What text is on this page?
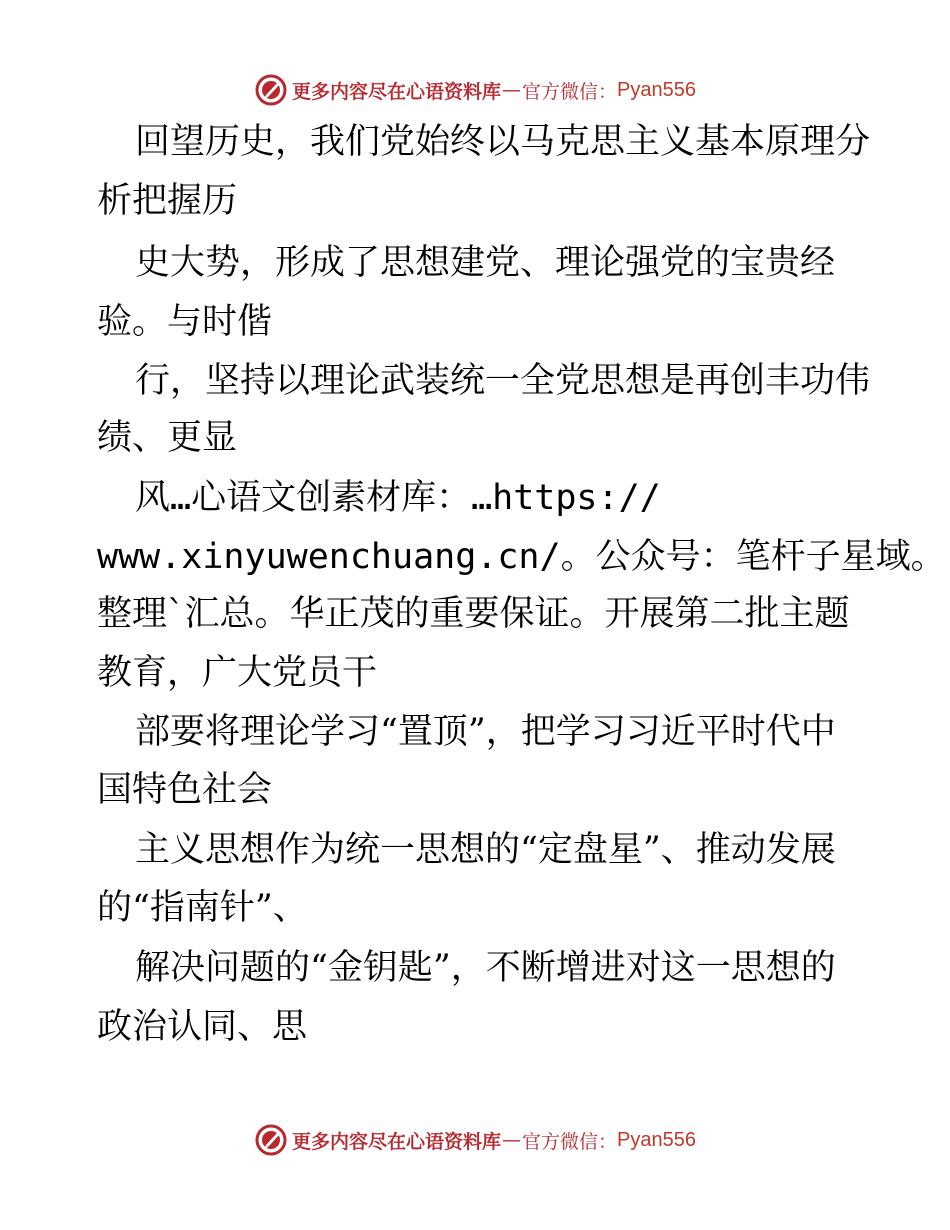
更多内容尽在心语资料库 — 官方微信： Pyan556
回望历史，我们党始终以马克思主义基本原理分
析把握历
史大势，形成了思想建党、理论强党的宝贵经
验。与时偕
行，坚持以理论武装统一全党思想是再创丰功伟
绩、更显
风…心语文创素材库：…https://
www.xinyuwenchuang.cn/。公众号：笔杆子星域。
整理`汇总。华正茂的重要保证。开展第二批主题
教育，广大党员干
部要将理论学习“置顶”，把学习习近平时代中
国特色社会
主义思想作为统一思想的“定盘星”、推动发展
的“指南针”、
解决问题的“金钥匙”，不断增进对这一思想的
政治认同、思
更多内容尽在心语资料库 — 官方微信： Pyan556
